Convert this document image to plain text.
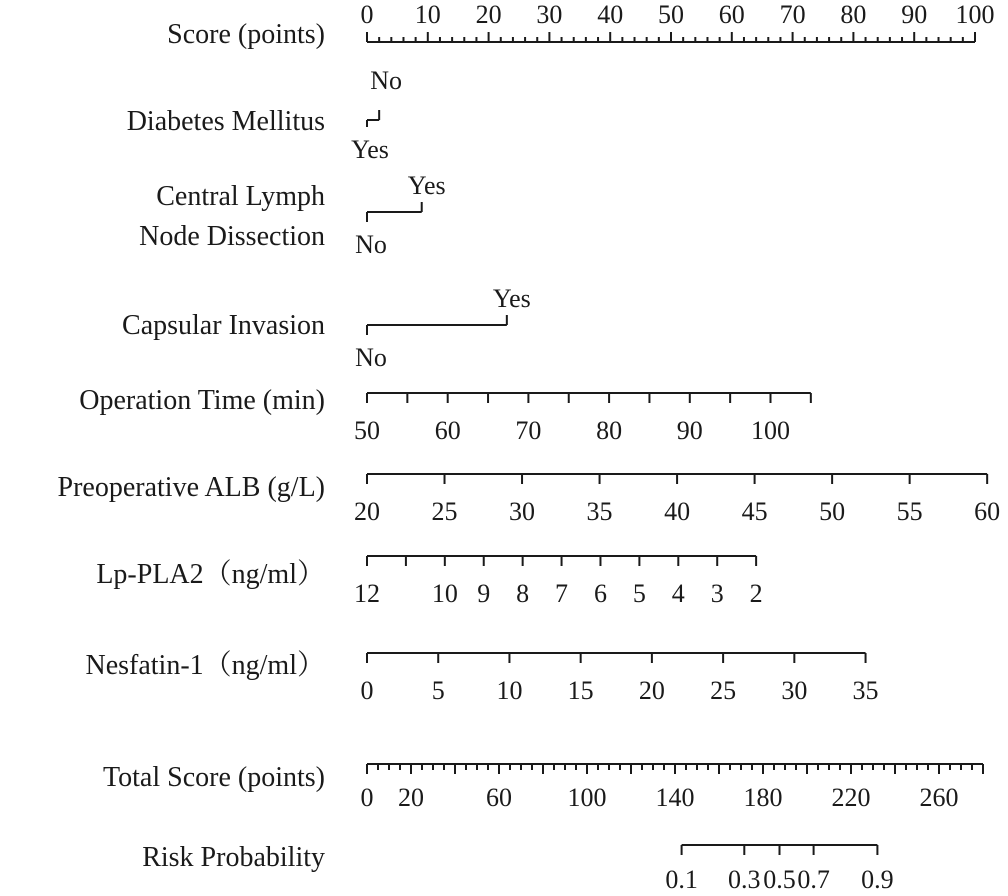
Score (points)
Diabetes Mellitus
Central Lymph
Node Dissection
Capsular Invasion
Operation Time (min)
Preoperative ALB (g/L)
Lp-PLA2（ng/ml）
Nesfatin-1（ng/ml）
Total Score (points)
Risk Probability
0 10 20 30 40 50 60 70 80 90 100
No
Yes
No
Yes
No
Yes
50 60 70 80 90 100
20 25 30 35 40 45 50 55 60
12 10 9 8 7 6 5 4 3 2
0 5 10 15 20 25 30 35
0 20 60 100 140 180 220 260
0.1 0.3 0.5 0.7 0.9
